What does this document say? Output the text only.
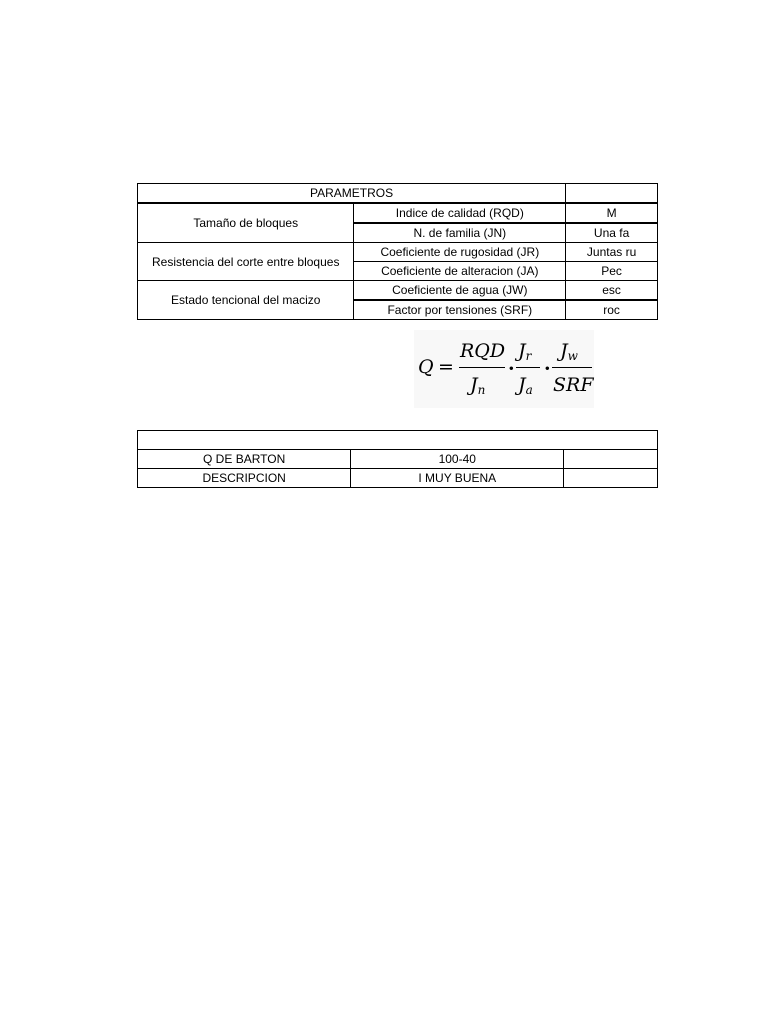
PARAMETROS		
Tamaño de bloques	Indice de calidad (RQD)	M
	N. de familia (JN)	Una fa
Resistencia del corte entre bloques	Coeficiente de rugosidad (JR)	Juntas ru
	Coeficiente de alteracion (JA)	Pec
Estado tencional del macizo	Coeficiente de agua (JW)	esc
	Factor por tensiones (SRF)	roc

Q DE BARTON	100-40	
DESCRIPCION	I MUY BUENA	
Q =
RQD
$J_n$
·
$J_r$
$J_a$
·
$J_w$
SRF
